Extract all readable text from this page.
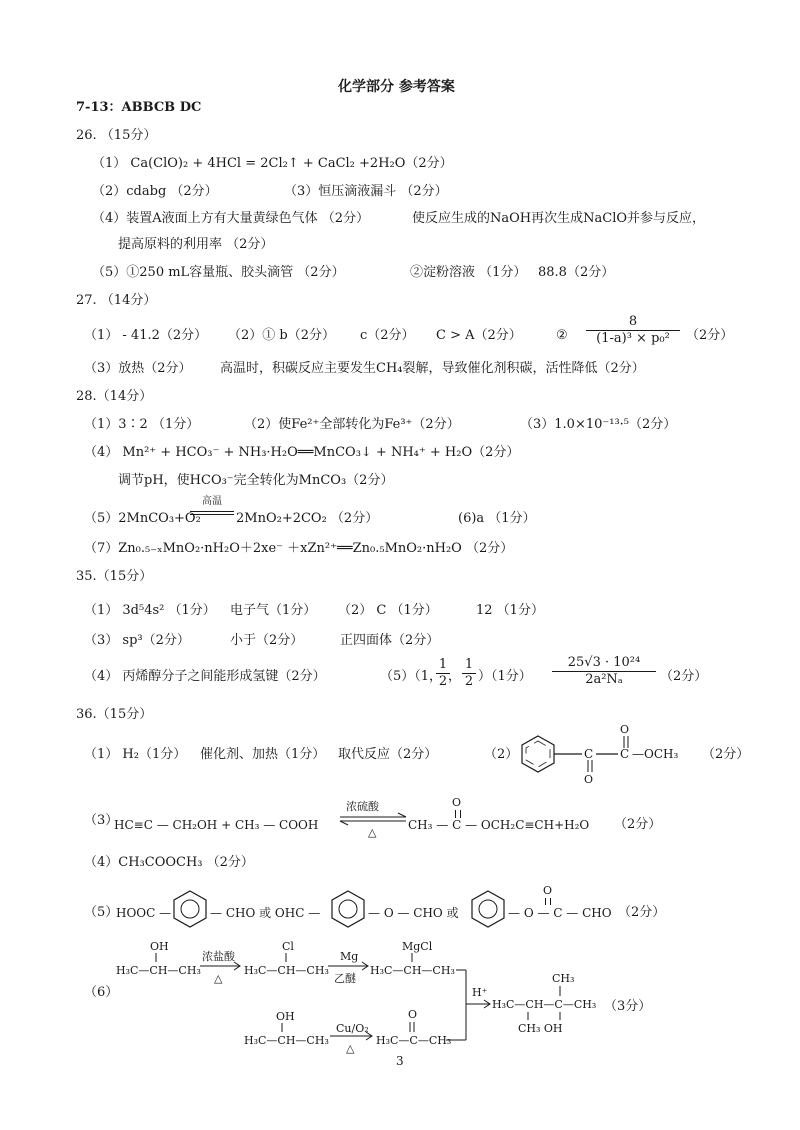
化学部分 参考答案
7-13：ABBCB DC
26. （15分）
（1） Ca(ClO)₂ + 4HCl = 2Cl₂↑ + CaCl₂ +2H₂O（2分）
（2）cdabg （2分）	（3）恒压滴液漏斗 （2分）
（4）装置A液面上方有大量黄绿色气体 （2分）	使反应生成的NaOH再次生成NaClO并参与反应，
提高原料的利用率 （2分）
（5）①250 mL容量瓶、胶头滴管 （2分）	②淀粉溶液 （1分） 88.8（2分）
27. （14分）
（1） - 41.2（2分） （2）① b（2分） c（2分） C > A（2分）	②
8
(1-a)³ × p₀²	（2分）
（3）放热（2分） 高温时，积碳反应主要发生CH₄裂解，导致催化剂积碳，活性降低（2分）
28.（14分）
（1）3∶2 （1分）	（2）使Fe²⁺全部转化为Fe³⁺（2分）	（3）1.0×10⁻¹³·⁵（2分）
（4） Mn²⁺ + HCO₃⁻ + NH₃·H₂O══MnCO₃↓ + NH₄⁺ + H₂O（2分）
调节pH，使HCO₃⁻完全转化为MnCO₃（2分）
（5）2MnCO₃+O₂
高温
2MnO₂+2CO₂ （2分）	(6)a （1分）
（7）Zn₀.₅₋ₓMnO₂·nH₂O＋2xe⁻ ＋xZn²⁺══Zn₀.₅MnO₂·nH₂O （2分）
35.（15分）
（1） 3d⁵4s² （1分） 电子气（1分） （2） C （1分）	12 （1分）
（3） sp³（2分）	小于（2分）	正四面体（2分）
（4） 丙烯醇分子之间能形成氢键（2分）	（5）（1，
1
2 ，
1
2 ）（1分）
25√3 · 10²⁴
2a²Nₐ	（2分）
36.（15分）
（1） H₂（1分） 催化剂、加热（1分） 取代反应（2分）	（2）	C
O
C
O
—OCH₃ （2分）
（3）
HC≡C — CH₂OH + CH₃ — COOH
浓硫酸
△
CH₃ — C — OCH₂C≡CH+H₂O
O
（2分）
（4）CH₃COOCH₃ （2分）
（5）
HOOC —	— CHO 或 OHC —	— O — CHO 或	— O — C — CHO
O
（2分）
（6）
OH
H₃C—CH—CH₃
浓盐酸
△
Cl
H₃C—CH—CH₃
Mg
乙醚
MgCl
H₃C—CH—CH₃
OH
H₃C—CH—CH₃
Cu/O₂
△
O
H₃C—C—CH₃
H⁺
CH₃
H₃C—CH—C—CH₃
CH₃ OH
（3分）
3
